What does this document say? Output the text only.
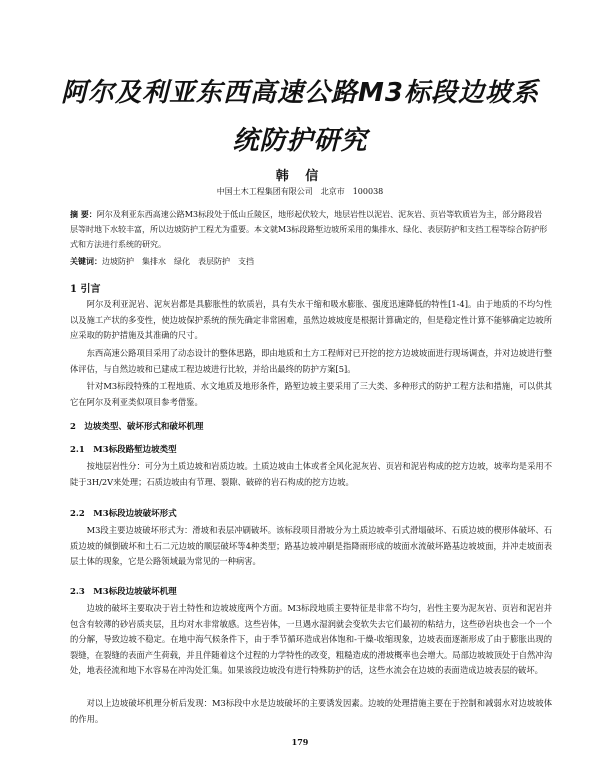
阿尔及利亚东西高速公路M3标段边坡系
统防护研究
韩 信
中国土木工程集团有限公司　北京市　100038
摘 要：阿尔及利亚东西高速公路M3标段处于低山丘陵区，地形起伏较大，地层岩性以泥岩、泥灰岩、页岩等软质岩为主，部分路段岩层等时地下水较丰富，所以边坡防护工程尤为重要。本文就M3标段路堑边坡所采用的集排水、绿化、表层防护和支挡工程等综合防护形式和方法进行系统的研究。
关键词：边坡防护　集排水　绿化　表层防护　支挡
1 引言
阿尔及利亚泥岩、泥灰岩都是具膨胀性的软质岩，具有失水干缩和吸水膨胀、强度迅速降低的特性[1-4]。由于地质的不均匀性以及施工产状的多变性，使边坡保护系统的预先确定非常困难，虽然边坡坡度是根据计算确定的，但是稳定性计算不能够确定边坡所应采取的防护措施及其准确的尺寸。
东西高速公路项目采用了动态设计的整体思路，即由地质和土方工程师对已开挖的挖方边坡坡面进行现场调查，并对边坡进行整体评估，与自然边坡和已建成工程边坡进行比较，并给出最终的防护方案[5]。
针对M3标段特殊的工程地质、水文地质及地形条件，路堑边坡主要采用了三大类、多种形式的防护工程方法和措施，可以供其它在阿尔及利亚类似项目参考借鉴。
2　边坡类型、破坏形式和破坏机理
2.1　M3标段路堑边坡类型
按地层岩性分：可分为土质边坡和岩质边坡。土质边坡由土体或者全风化泥灰岩、页岩和泥岩构成的挖方边坡，坡率均是采用不陡于3H/2V来处理；石质边坡由有节理、裂隙、破碎的岩石构成的挖方边坡。
2.2　M3标段边坡破坏形式
M3段主要边坡破坏形式为：滑坡和表层冲刷破坏。该标段项目滑坡分为土质边坡牵引式滑塌破坏、石质边坡的楔形体破坏、石质边坡的倾倒破坏和土石二元边坡的顺层破坏等4种类型；路基边坡冲刷是指降雨形成的坡面水流破坏路基边坡坡面，并冲走坡面表层土体的现象，它是公路领域最为常见的一种病害。
2.3　M3标段边坡破坏机理
边坡的破坏主要取决于岩土特性和边坡坡度两个方面。M3标段地质主要特征是非常不均匀，岩性主要为泥灰岩、页岩和泥岩并包含有较薄的砂岩质夹层，且均对水非常敏感。这些岩体，一旦遇水湿润就会变软失去它们最初的粘结力，这些砂岩块也会一个一个的分解，导致边坡不稳定。在地中海气候条件下，由于季节循环造成岩体饱和-干燥-收缩现象，边坡表面逐渐形成了由于膨胀出现的裂缝，在裂缝的表面产生荷载，并且伴随着这个过程的力学特性的改变，粗糙造成的滑坡概率也会增大。局部边坡坡顶处于自然冲沟处，地表径流和地下水容易在冲沟处汇集。如果该段边坡没有进行特殊防护的话，这些水流会在边坡的表面造成边坡表层的破坏。
对以上边坡破坏机理分析后发现：M3标段中水是边坡破坏的主要诱发因素。边坡的处理措施主要在于控制和减弱水对边坡坡体的作用。
179
